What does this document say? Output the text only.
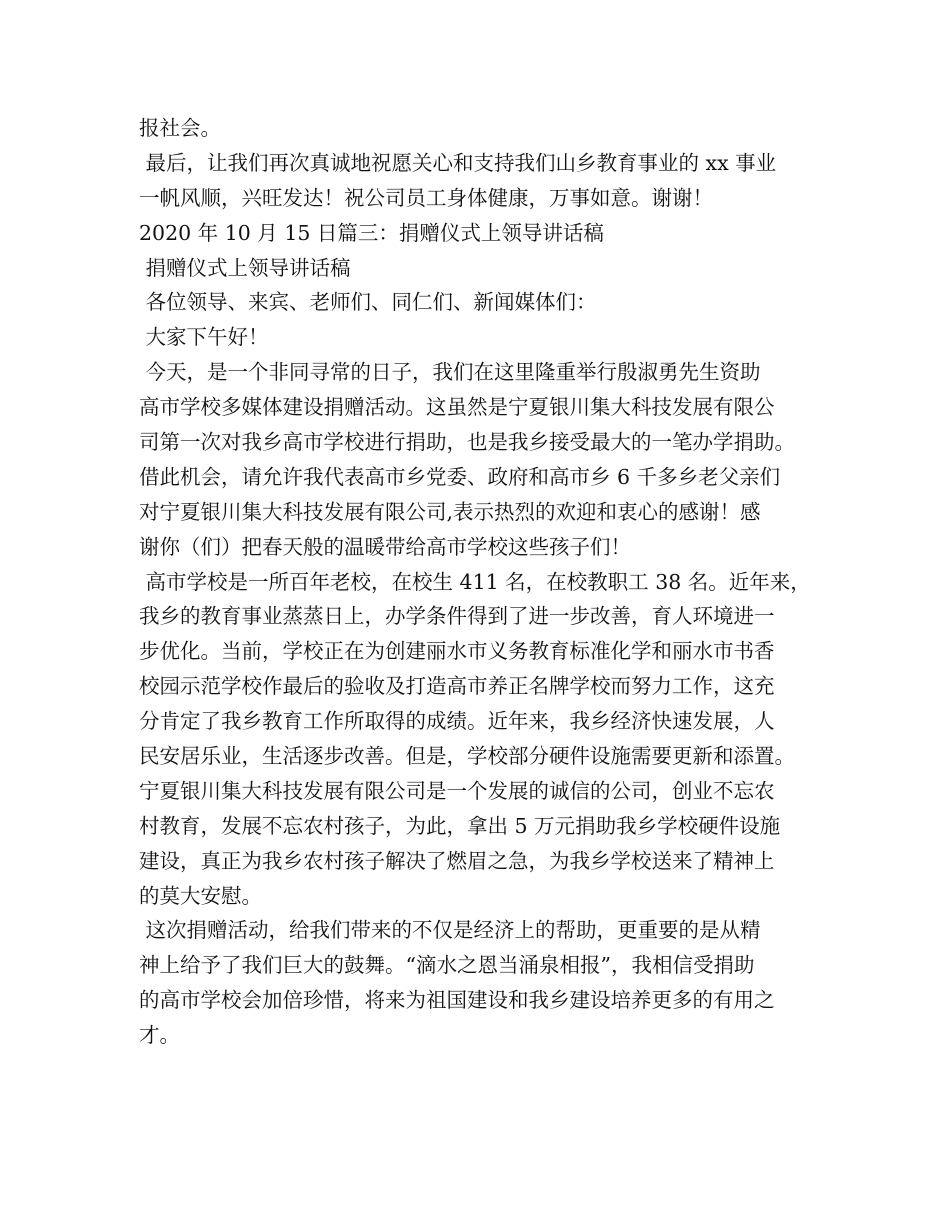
报社会。
最后，让我们再次真诚地祝愿关心和支持我们山乡教育事业的 xx 事业
一帆风顺，兴旺发达！祝公司员工身体健康，万事如意。谢谢！
2020 年 10 月 15 日篇三：捐赠仪式上领导讲话稿
捐赠仪式上领导讲话稿
各位领导、来宾、老师们、同仁们、新闻媒体们：
大家下午好！
今天，是一个非同寻常的日子，我们在这里隆重举行殷淑勇先生资助
高市学校多媒体建设捐赠活动。这虽然是宁夏银川集大科技发展有限公
司第一次对我乡高市学校进行捐助，也是我乡接受最大的一笔办学捐助。
借此机会，请允许我代表高市乡党委、政府和高市乡 6 千多乡老父亲们
对宁夏银川集大科技发展有限公司,表示热烈的欢迎和衷心的感谢！感
谢你（们）把春天般的温暖带给高市学校这些孩子们！
高市学校是一所百年老校，在校生 411 名，在校教职工 38 名。近年来，
我乡的教育事业蒸蒸日上，办学条件得到了进一步改善，育人环境进一
步优化。当前，学校正在为创建丽水市义务教育标准化学和丽水市书香
校园示范学校作最后的验收及打造高市养正名牌学校而努力工作，这充
分肯定了我乡教育工作所取得的成绩。近年来，我乡经济快速发展，人
民安居乐业，生活逐步改善。但是，学校部分硬件设施需要更新和添置。
宁夏银川集大科技发展有限公司是一个发展的诚信的公司，创业不忘农
村教育，发展不忘农村孩子，为此，拿出 5 万元捐助我乡学校硬件设施
建设，真正为我乡农村孩子解决了燃眉之急，为我乡学校送来了精神上
的莫大安慰。
这次捐赠活动，给我们带来的不仅是经济上的帮助，更重要的是从精
神上给予了我们巨大的鼓舞。“滴水之恩当涌泉相报”，我相信受捐助
的高市学校会加倍珍惜，将来为祖国建设和我乡建设培养更多的有用之
才。
